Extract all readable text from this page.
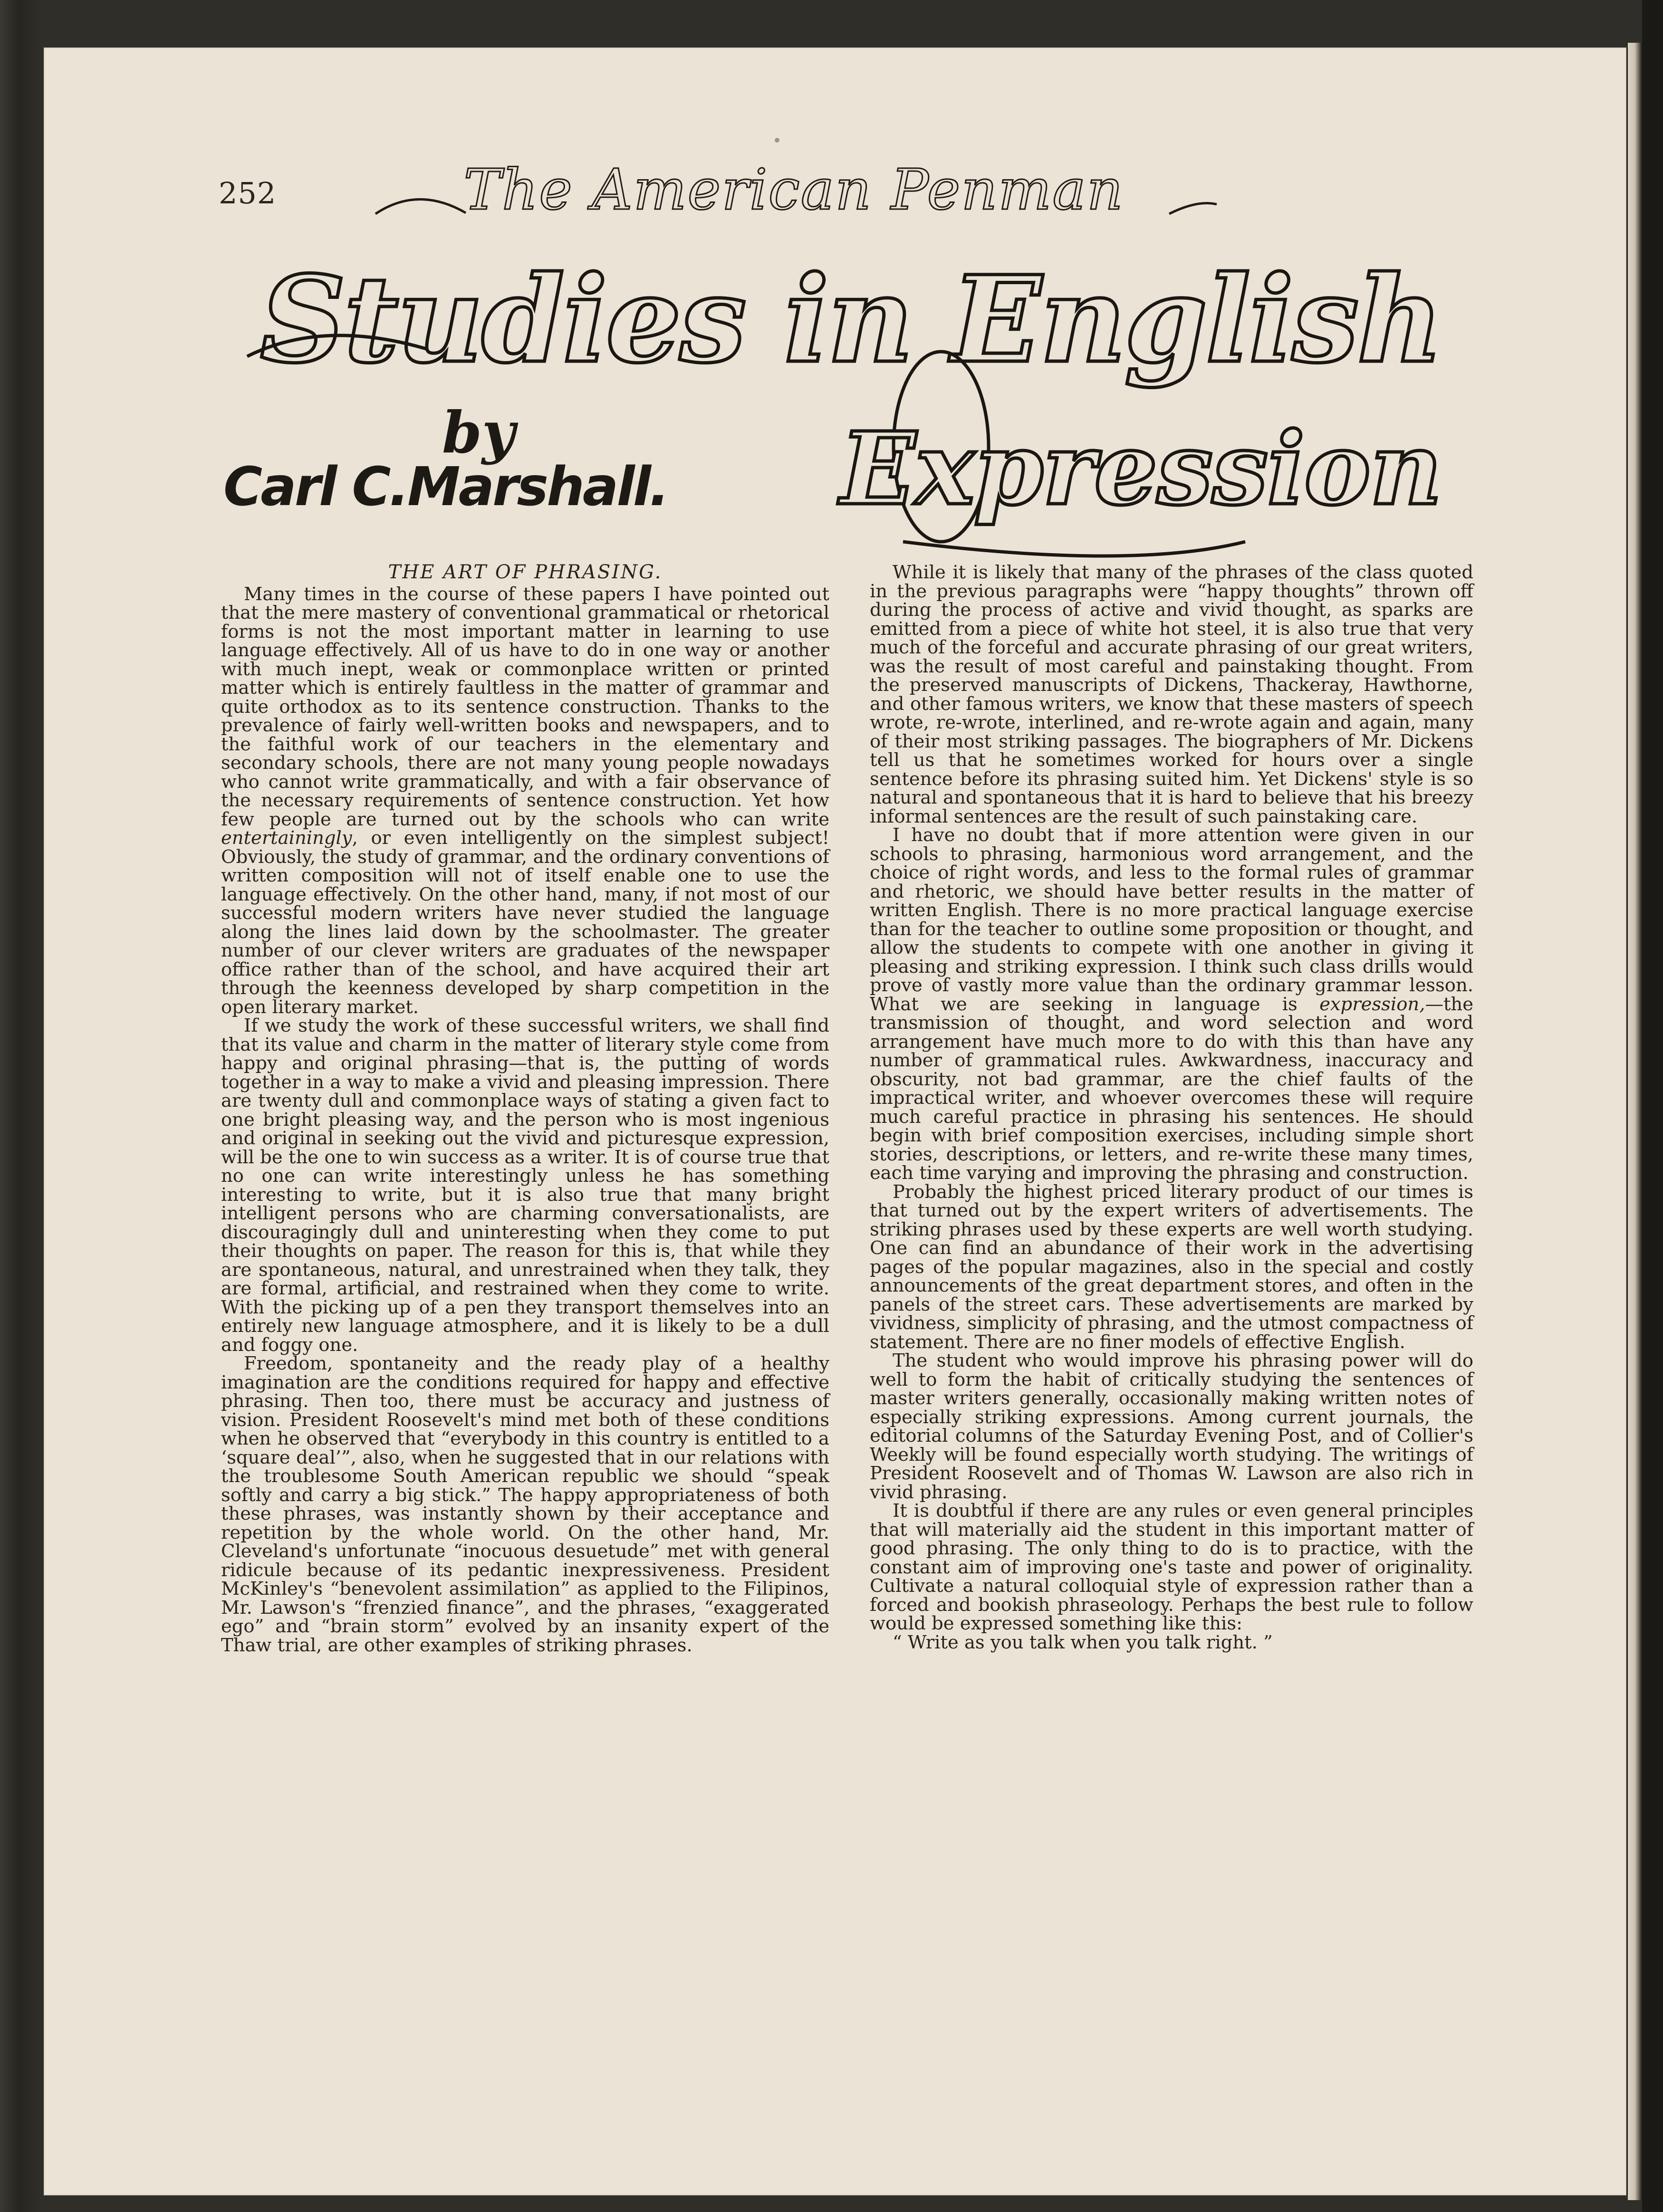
252	The American Penman
Studies in English
Expression
by
Carl C.Marshall.
THE ART OF PHRASING.

Many times in the course of these papers I have pointed out that the mere mastery of conventional grammatical or rhetorical forms is not the most important matter in learning to use language effectively. All of us have to do in one way or another with much inept, weak or commonplace written or printed matter which is entirely faultless in the matter of grammar and quite orthodox as to its sentence construction. Thanks to the prevalence of fairly well-written books and newspapers, and to the faithful work of our teachers in the elementary and secondary schools, there are not many young people nowadays who cannot write grammatically, and with a fair observance of the necessary requirements of sentence construction. Yet how few people are turned out by the schools who can write entertainingly, or even intelligently on the simplest subject! Obviously, the study of grammar, and the ordinary conventions of written composition will not of itself enable one to use the language effectively. On the other hand, many, if not most of our successful modern writers have never studied the language along the lines laid down by the schoolmaster. The greater number of our clever writers are graduates of the newspaper office rather than of the school, and have acquired their art through the keenness developed by sharp competition in the open literary market.

If we study the work of these successful writers, we shall find that its value and charm in the matter of literary style come from happy and original phrasing—that is, the putting of words together in a way to make a vivid and pleasing impression. There are twenty dull and commonplace ways of stating a given fact to one bright pleasing way, and the person who is most ingenious and original in seeking out the vivid and picturesque expression, will be the one to win success as a writer. It is of course true that no one can write interestingly unless he has something interesting to write, but it is also true that many bright intelligent persons who are charming conversationalists, are discouragingly dull and uninteresting when they come to put their thoughts on paper. The reason for this is, that while they are spontaneous, natural, and unrestrained when they talk, they are formal, artificial, and restrained when they come to write. With the picking up of a pen they transport themselves into an entirely new language atmosphere, and it is likely to be a dull and foggy one.

Freedom, spontaneity and the ready play of a healthy imagination are the conditions required for happy and effective phrasing. Then too, there must be accuracy and justness of vision. President Roosevelt's mind met both of these conditions when he observed that “everybody in this country is entitled to a ‘square deal’”, also, when he suggested that in our relations with the troublesome South American republic we should “speak softly and carry a big stick.” The happy appropriateness of both these phrases, was instantly shown by their acceptance and repetition by the whole world. On the other hand, Mr. Cleveland's unfortunate “inocuous desuetude” met with general ridicule because of its pedantic inexpressiveness. President McKinley's “benevolent assimilation” as applied to the Filipinos, Mr. Lawson's “frenzied finance”, and the phrases, “exaggerated ego” and “brain storm” evolved by an insanity expert of the Thaw trial, are other examples of striking phrases.

While it is likely that many of the phrases of the class quoted in the previous paragraphs were “happy thoughts” thrown off during the process of active and vivid thought, as sparks are emitted from a piece of white hot steel, it is also true that very much of the forceful and accurate phrasing of our great writers, was the result of most careful and painstaking thought. From the preserved manuscripts of Dickens, Thackeray, Hawthorne, and other famous writers, we know that these masters of speech wrote, re-wrote, interlined, and re-wrote again and again, many of their most striking passages. The biographers of Mr. Dickens tell us that he sometimes worked for hours over a single sentence before its phrasing suited him. Yet Dickens' style is so natural and spontaneous that it is hard to believe that his breezy informal sentences are the result of such painstaking care.

I have no doubt that if more attention were given in our schools to phrasing, harmonious word arrangement, and the choice of right words, and less to the formal rules of grammar and rhetoric, we should have better results in the matter of written English. There is no more practical language exercise than for the teacher to outline some proposition or thought, and allow the students to compete with one another in giving it pleasing and striking expression. I think such class drills would prove of vastly more value than the ordinary grammar lesson. What we are seeking in language is expression,—the transmission of thought, and word selection and word arrangement have much more to do with this than have any number of grammatical rules. Awkwardness, inaccuracy and obscurity, not bad grammar, are the chief faults of the impractical writer, and whoever overcomes these will require much careful practice in phrasing his sentences. He should begin with brief composition exercises, including simple short stories, descriptions, or letters, and re-write these many times, each time varying and improving the phrasing and construction.

Probably the highest priced literary product of our times is that turned out by the expert writers of advertisements. The striking phrases used by these experts are well worth studying. One can find an abundance of their work in the advertising pages of the popular magazines, also in the special and costly announcements of the great department stores, and often in the panels of the street cars. These advertisements are marked by vividness, simplicity of phrasing, and the utmost compactness of statement. There are no finer models of effective English.

The student who would improve his phrasing power will do well to form the habit of critically studying the sentences of master writers generally, occasionally making written notes of especially striking expressions. Among current journals, the editorial columns of the Saturday Evening Post, and of Collier's Weekly will be found especially worth studying. The writings of President Roosevelt and of Thomas W. Lawson are also rich in vivid phrasing.

It is doubtful if there are any rules or even general principles that will materially aid the student in this important matter of good phrasing. The only thing to do is to practice, with the constant aim of improving one's taste and power of originality. Cultivate a natural colloquial style of expression rather than a forced and bookish phraseology. Perhaps the best rule to follow would be expressed something like this:

“ Write as you talk when you talk right. ”
